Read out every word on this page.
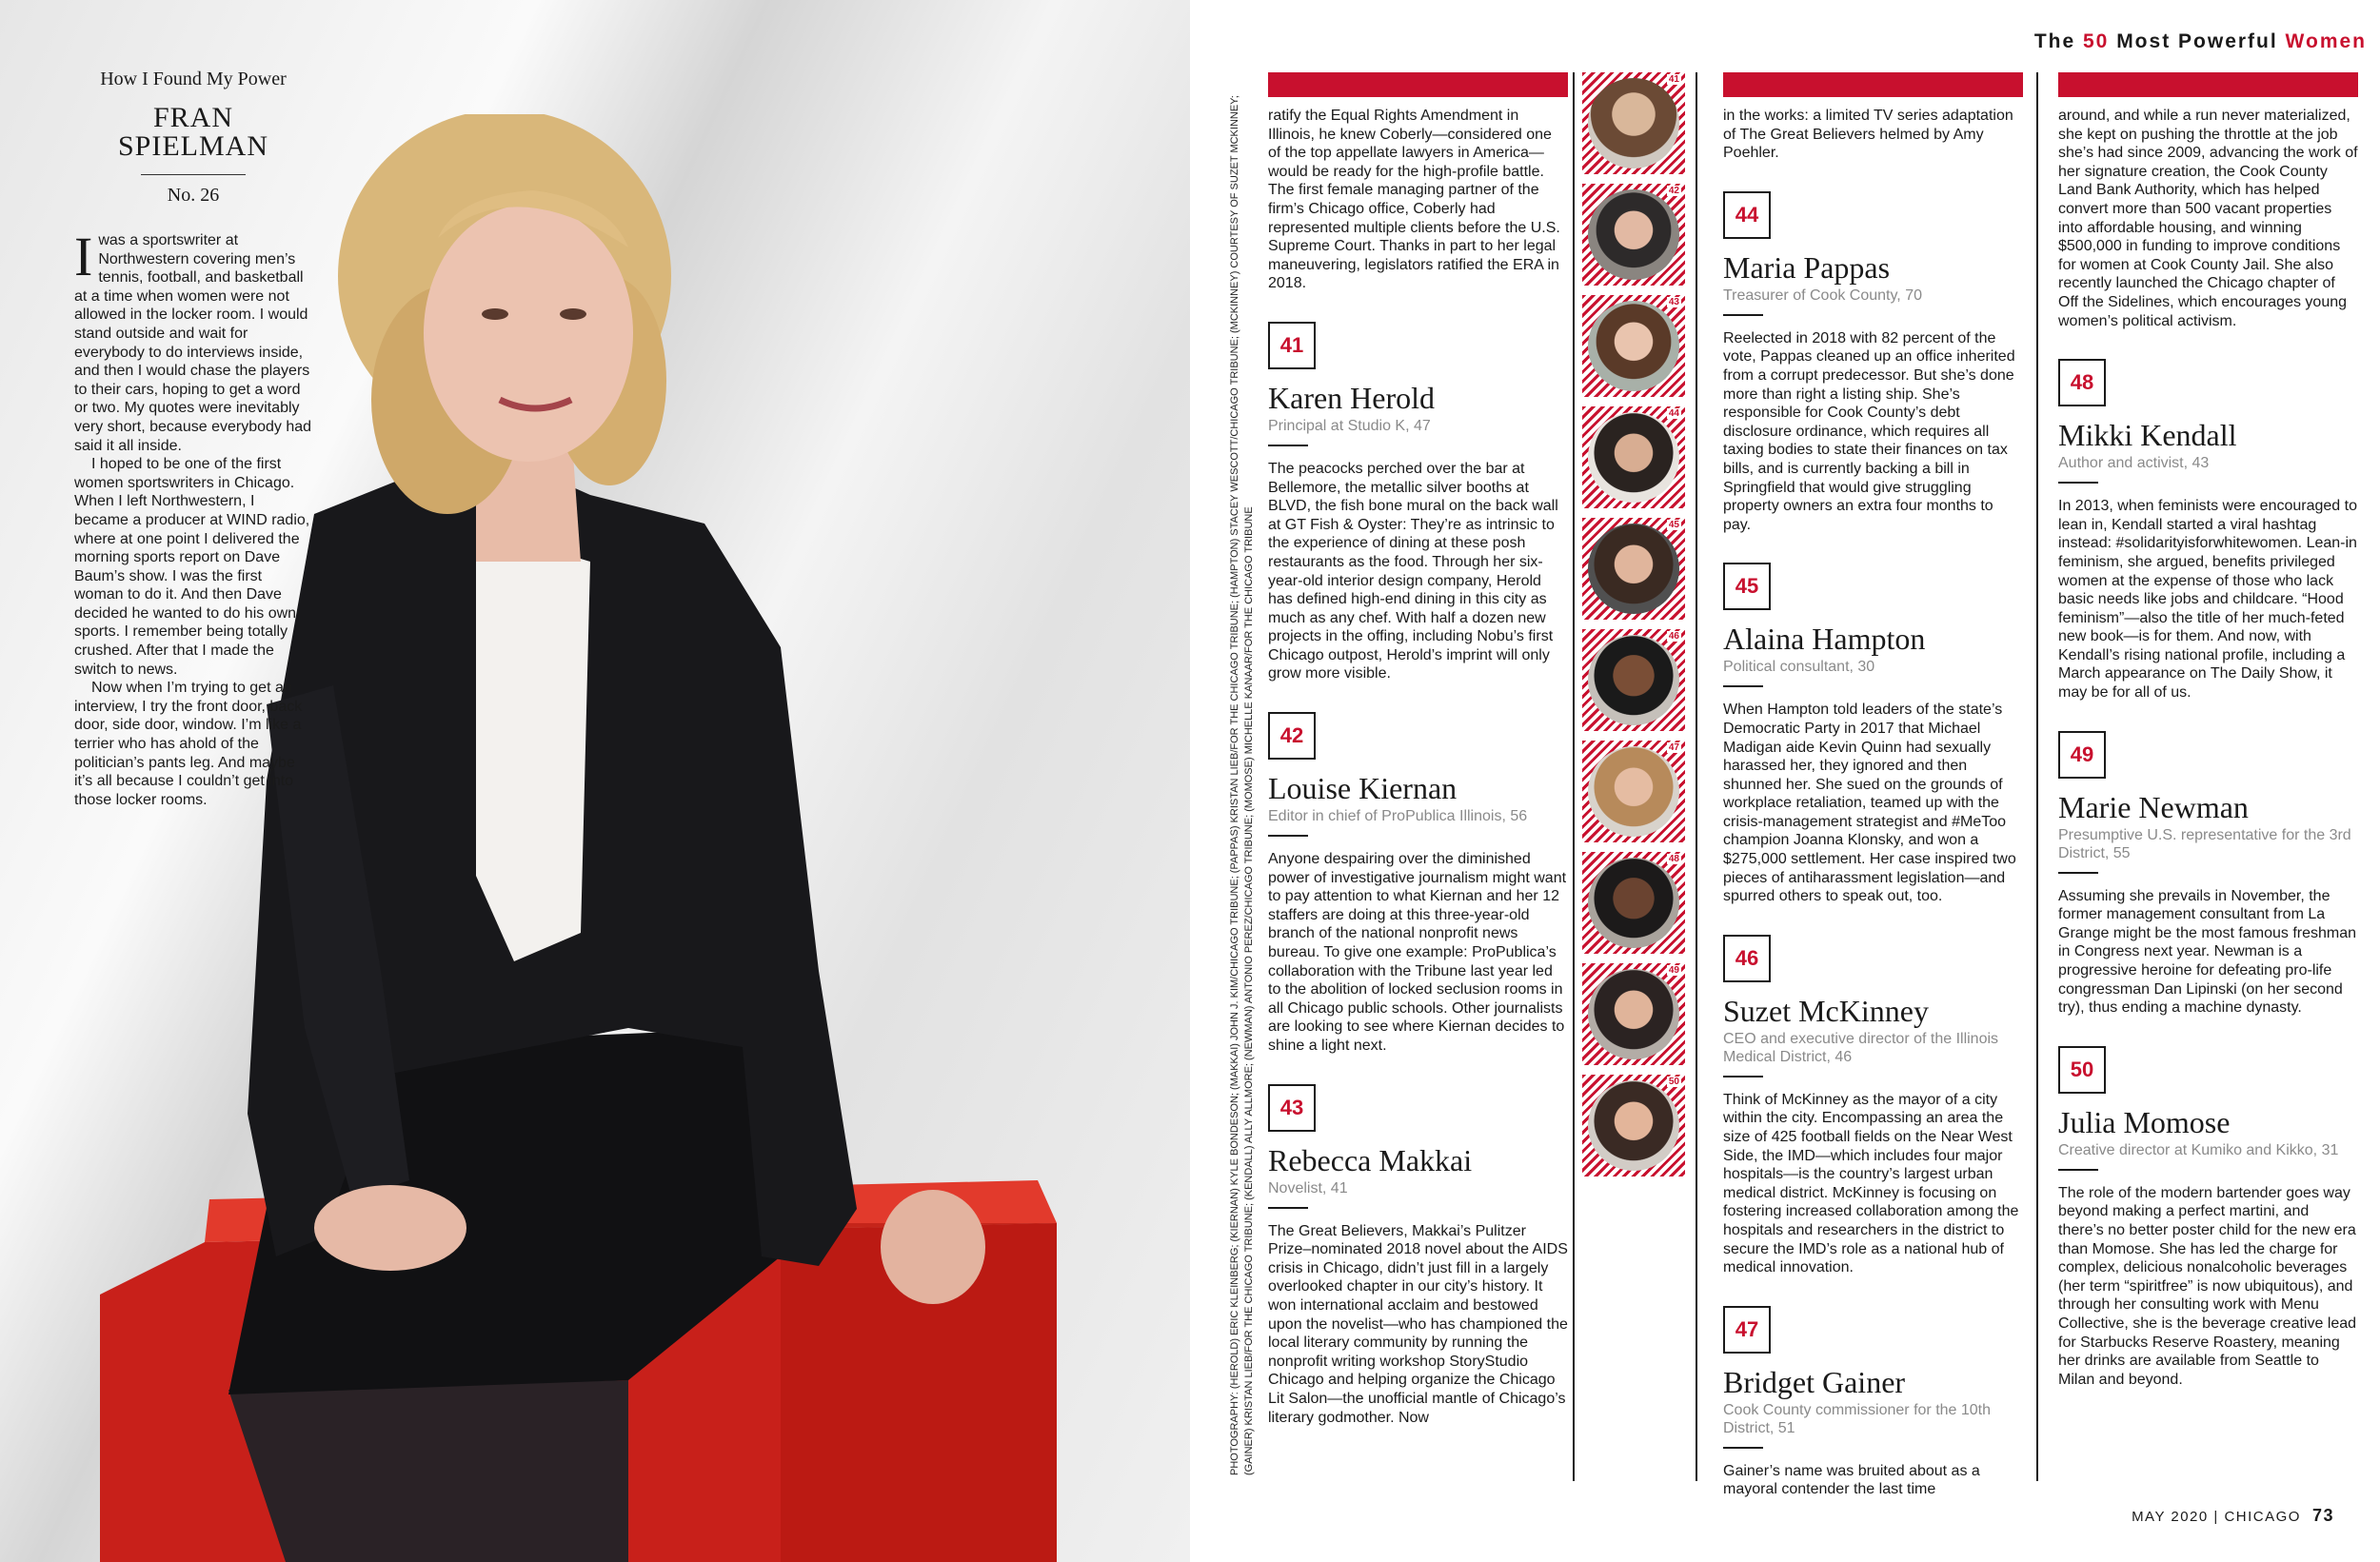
How I Found My Power

FRAN
SPIELMAN
No. 26

Iwas a sportswriter at Northwestern covering men’s tennis, football, and basketball at a time when women were not allowed in the locker room. I would stand outside and wait for everybody to do interviews inside, and then I would chase the players to their cars, hoping to get a word or two. My quotes were inevitably very short, because everybody had said it all inside.

I hoped to be one of the first women sportswriters in Chicago. When I left Northwestern, I became a producer at WIND radio, where at one point I delivered the morning sports report on Dave Baum’s show. I was the first woman to do it. And then Dave decided he wanted to do his own sports. I remember being totally crushed. After that I made the switch to news.

Now when I’m trying to get an interview, I try the front door, back door, side door, window. I’m like a terrier who has ahold of the politician’s pants leg. And maybe it’s all because I couldn’t get into those locker rooms.

The 50 Most Powerful Women
PHOTOGRAPHY: (HEROLD) ERIC KLEINBERG; (KIERNAN) KYLE BONDESON; (MAKKAI) JOHN J. KIM/CHICAGO TRIBUNE; (PAPPAS) KRISTAN LIEB/FOR THE CHICAGO TRIBUNE; (HAMPTON) STACEY WESCOTT/CHICAGO TRIBUNE; (MCKINNEY) COURTESY OF SUZET MCKINNEY; (GAINER) KRISTAN LIEB/FOR THE CHICAGO TRIBUNE; (KENDALL) ALLY ALLMORE; (NEWMAN) ANTONIO PEREZ/CHICAGO TRIBUNE; (MOMOSE) MICHELLE KANAAR/FOR THE CHICAGO TRIBUNE

ratify the Equal Rights Amendment in Illinois, he knew Coberly—considered one of the top appellate lawyers in America—would be ready for the high-profile battle. The first female managing partner of the firm’s Chicago office, Coberly had represented multiple clients before the U.S. Supreme Court. Thanks in part to her legal maneuvering, legislators ratified the ERA in 2018.

41
Karen Herold
Principal at Studio K, 47

The peacocks perched over the bar at Bellemore, the metallic silver booths at BLVD, the fish bone mural on the back wall at GT Fish & Oyster: They’re as intrinsic to the experience of dining at these posh restaurants as the food. Through her six-year-old interior design company, Herold has defined high-end dining in this city as much as any chef. With half a dozen new projects in the offing, including Nobu’s first Chicago outpost, Herold’s imprint will only grow more visible.

42
Louise Kiernan
Editor in chief of ProPublica Illinois, 56

Anyone despairing over the diminished power of investigative journalism might want to pay attention to what Kiernan and her 12 staffers are doing at this three-year-old branch of the national nonprofit news bureau. To give one example: ProPublica’s collaboration with the Tribune last year led to the abolition of locked seclusion rooms in all Chicago public schools. Other journalists are looking to see where Kiernan decides to shine a light next.

43
Rebecca Makkai
Novelist, 41

The Great Believers, Makkai’s Pulitzer Prize–nominated 2018 novel about the AIDS crisis in Chicago, didn’t just fill in a largely overlooked chapter in our city’s history. It won international acclaim and bestowed upon the novelist—who has championed the local literary community by running the nonprofit writing workshop StoryStudio Chicago and helping organize the Chicago Lit Salon—the unofficial mantle of Chicago’s literary godmother. Now

41
42
43
44
45
46
47
48
49
50

in the works: a limited TV series adaptation of The Great Believers helmed by Amy Poehler.

44
Maria Pappas
Treasurer of Cook County, 70

Reelected in 2018 with 82 percent of the vote, Pappas cleaned up an office inherited from a corrupt predecessor. But she’s done more than right a listing ship. She’s responsible for Cook County’s debt disclosure ordinance, which requires all taxing bodies to state their finances on tax bills, and is currently backing a bill in Springfield that would give struggling property owners an extra four months to pay.

45
Alaina Hampton
Political consultant, 30

When Hampton told leaders of the state’s Democratic Party in 2017 that Michael Madigan aide Kevin Quinn had sexually harassed her, they ignored and then shunned her. She sued on the grounds of workplace retaliation, teamed up with the crisis-management strategist and #MeToo champion Joanna Klonsky, and won a $275,000 settlement. Her case inspired two pieces of antiharassment legislation—and spurred others to speak out, too.

46
Suzet McKinney
CEO and executive director of the Illinois Medical District, 46

Think of McKinney as the mayor of a city within the city. Encompassing an area the size of 425 football fields on the Near West Side, the IMD—which includes four major hospitals—is the country’s largest urban medical district. McKinney is focusing on fostering increased collaboration among the hospitals and researchers in the district to secure the IMD’s role as a national hub of medical innovation.

47
Bridget Gainer
Cook County commissioner for the 10th District, 51

Gainer’s name was bruited about as a mayoral contender the last time

around, and while a run never materialized, she kept on pushing the throttle at the job she’s had since 2009, advancing the work of her signature creation, the Cook County Land Bank Authority, which has helped convert more than 500 vacant properties into affordable housing, and winning $500,000 in funding to improve conditions for women at Cook County Jail. She also recently launched the Chicago chapter of Off the Sidelines, which encourages young women’s political activism.

48
Mikki Kendall
Author and activist, 43

In 2013, when feminists were encouraged to lean in, Kendall started a viral hashtag instead: #solidarityisforwhitewomen. Lean-in feminism, she argued, benefits privileged women at the expense of those who lack basic needs like jobs and childcare. “Hood feminism”—also the title of her much-feted new book—is for them. And now, with Kendall’s rising national profile, including a March appearance on The Daily Show, it may be for all of us.

49
Marie Newman
Presumptive U.S. representative for the 3rd District, 55

Assuming she prevails in November, the former management consultant from La Grange might be the most famous freshman in Congress next year. Newman is a progressive heroine for defeating pro-life congressman Dan Lipinski (on her second try), thus ending a machine dynasty.

50
Julia Momose
Creative director at Kumiko and Kikko, 31

The role of the modern bartender goes way beyond making a perfect martini, and there’s no better poster child for the new era than Momose. She has led the charge for complex, delicious nonalcoholic beverages (her term “spiritfree” is now ubiquitous), and through her consulting work with Menu Collective, she is the beverage creative lead for Starbucks Reserve Roastery, meaning her drinks are available from Seattle to Milan and beyond.

MAY 2020 | CHICAGO 73
